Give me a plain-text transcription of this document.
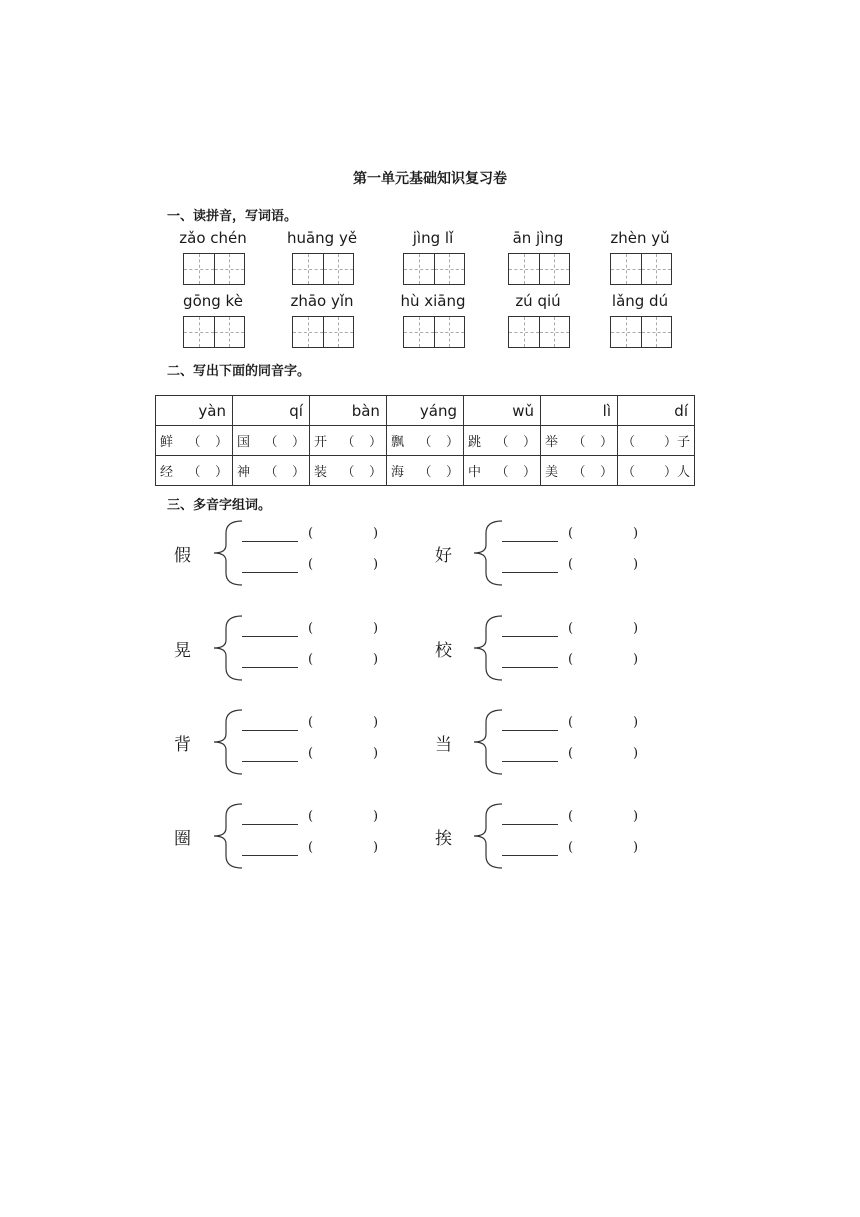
第一单元基础知识复习卷
一、读拼音，写词语。
zǎo chén	huāng yě	jìng lǐ	ān jìng	zhèn yǔ
gōng kè	zhāo yǐn	hù xiāng	zú qiú	lǎng dú
二、写出下面的同音字。
yàn	qí	bàn	yáng	wǔ	lì	dí

鲜 （ ）	国 （ ）	开 （ ）	飘 （ ）	跳 （ ）	举 （ ）	（ ）子

经 （ ）	神 （ ）	装 （ ）	海 （ ）	中 （ ）	美 （ ）	（ ）人
三、多音字组词。
假
(	)
(	)
晃
(	)
(	)
背
(	)
(	)
圈
(	)
(	)
好
(	)
(	)
校
(	)
(	)
当
(	)
(	)
挨
(	)
(	)
